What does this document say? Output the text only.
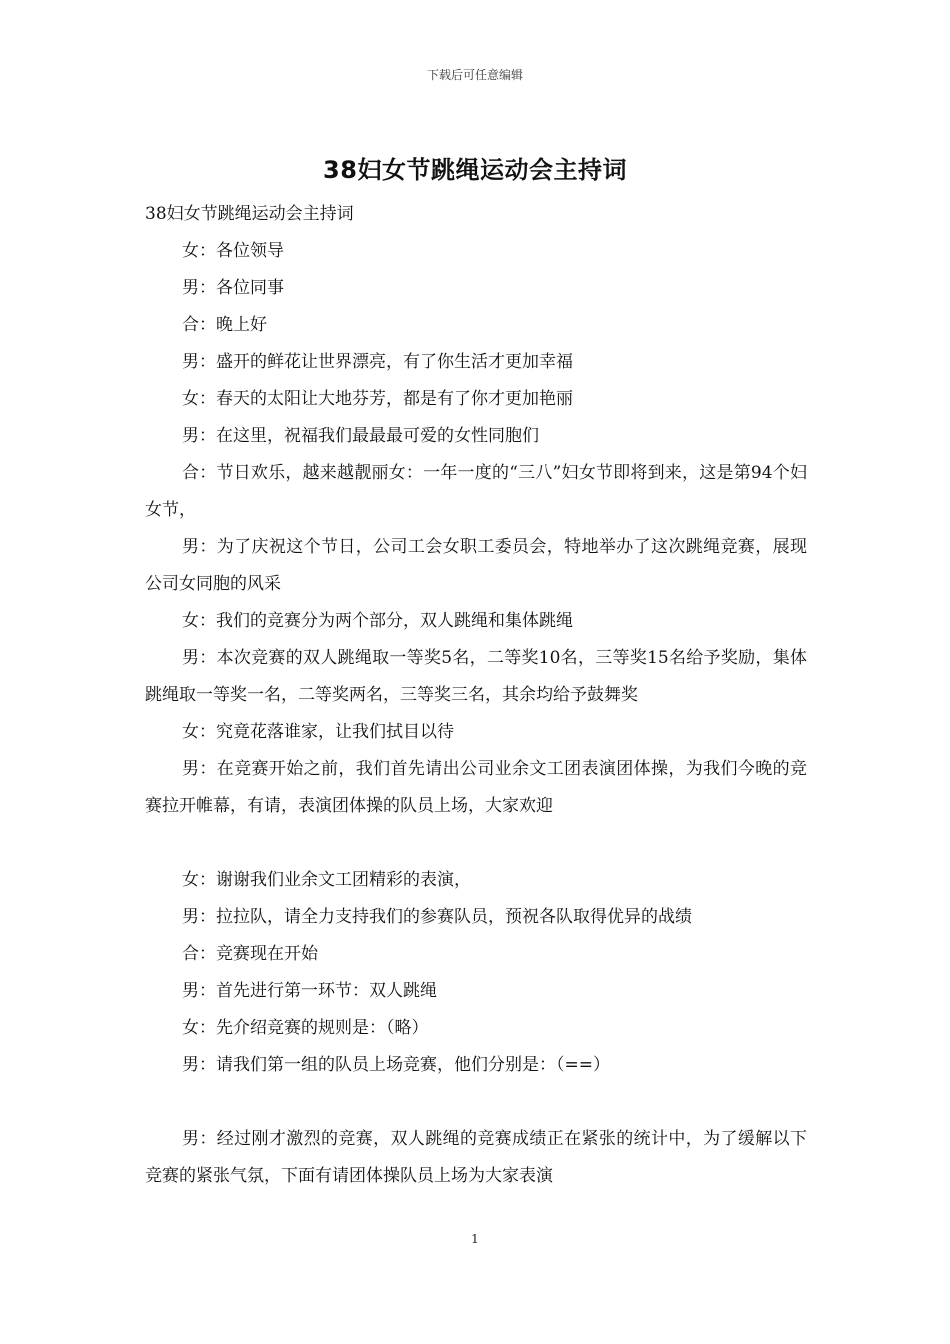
下载后可任意编辑
38妇女节跳绳运动会主持词

38妇女节跳绳运动会主持词

女：各位领导

男：各位同事

合：晚上好

男：盛开的鲜花让世界漂亮，有了你生活才更加幸福

女：春天的太阳让大地芬芳，都是有了你才更加艳丽

男：在这里，祝福我们最最最可爱的女性同胞们

合：节日欢乐，越来越靓丽女：一年一度的“三八”妇女节即将到来，这是第94个妇女节，

男：为了庆祝这个节日，公司工会女职工委员会，特地举办了这次跳绳竞赛，展现公司女同胞的风采

女：我们的竞赛分为两个部分，双人跳绳和集体跳绳

男：本次竞赛的双人跳绳取一等奖5名，二等奖10名，三等奖15名给予奖励，集体跳绳取一等奖一名，二等奖两名，三等奖三名，其余均给予鼓舞奖

女：究竟花落谁家，让我们拭目以待

男：在竞赛开始之前，我们首先请出公司业余文工团表演团体操，为我们今晚的竞赛拉开帷幕，有请，表演团体操的队员上场，大家欢迎

女：谢谢我们业余文工团精彩的表演，

男：拉拉队，请全力支持我们的参赛队员，预祝各队取得优异的战绩

合：竞赛现在开始

男：首先进行第一环节：双人跳绳

女：先介绍竞赛的规则是：（略）

男：请我们第一组的队员上场竞赛，他们分别是：（==）

男：经过刚才激烈的竞赛，双人跳绳的竞赛成绩正在紧张的统计中，为了缓解以下竞赛的紧张气氛，下面有请团体操队员上场为大家表演

1
